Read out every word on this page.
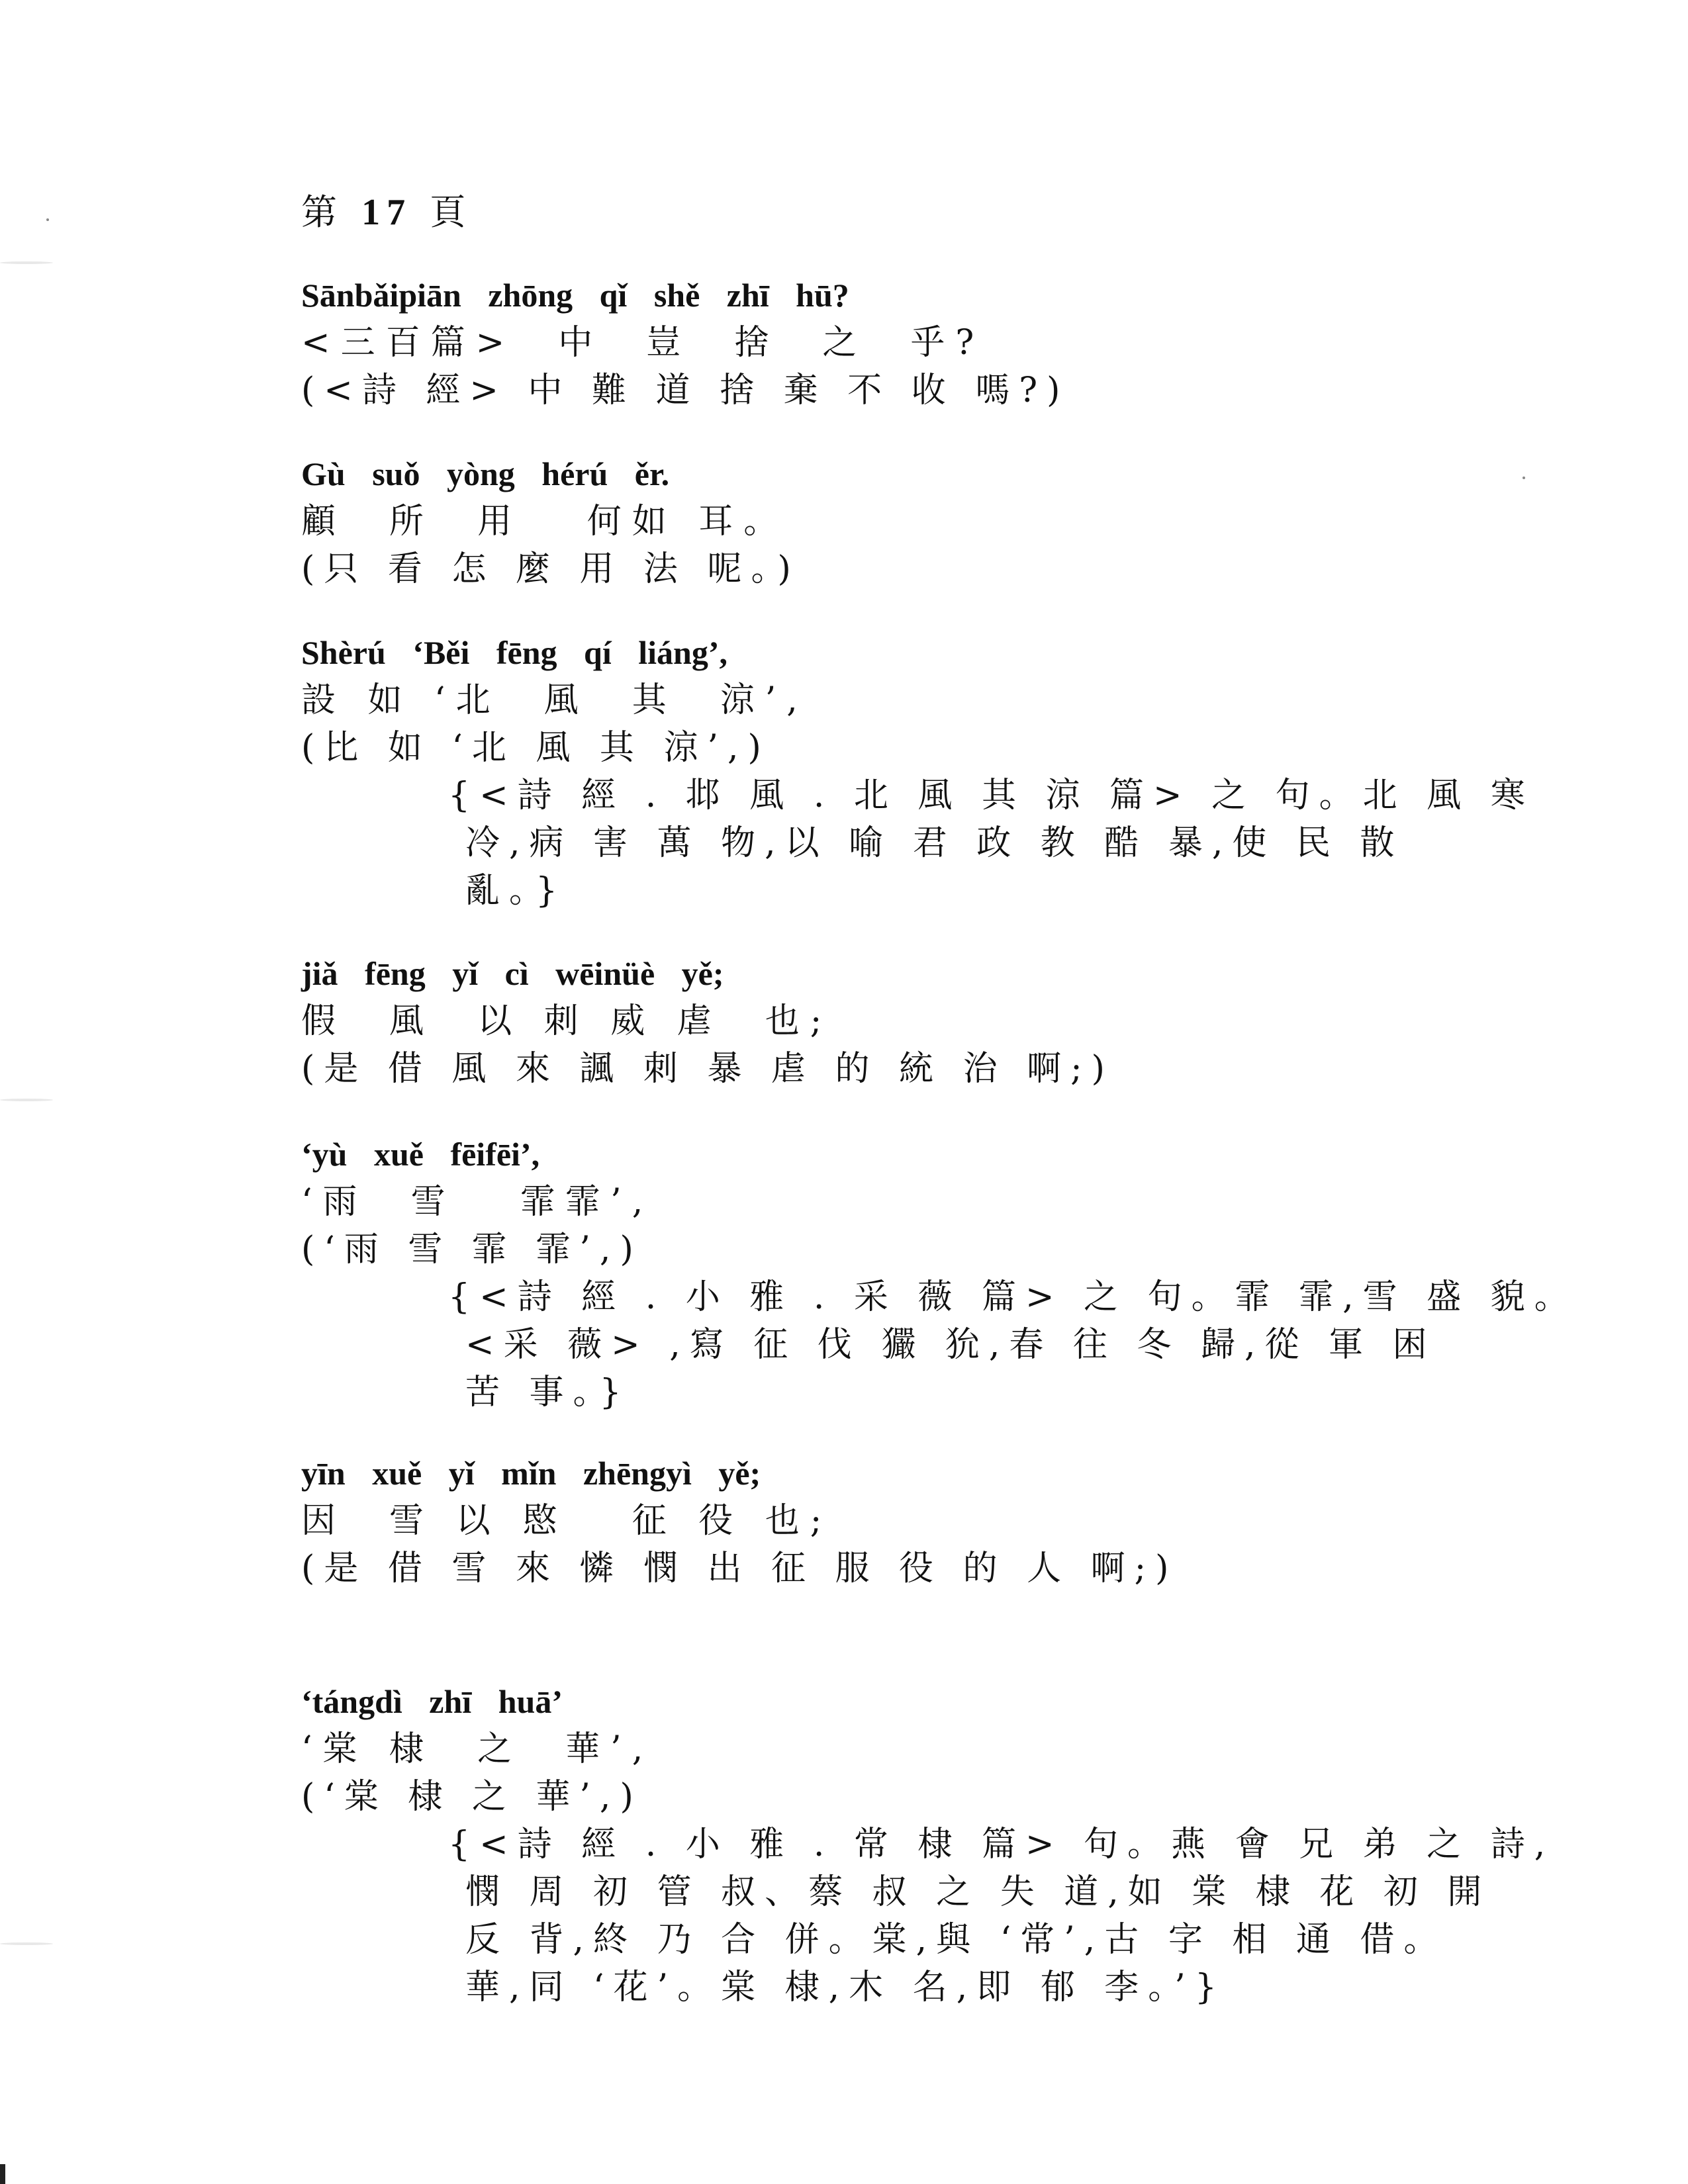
第 17 頁
Sānbǎipiān zhōng qǐ shě zhī hū?
<三百篇>  中  豈  捨  之  乎?
(<詩 經> 中 難 道 捨 棄 不 收 嗎?)
Gù suǒ yòng hérú ěr.
顧  所  用   何如 耳。
(只 看 怎 麼 用 法 呢。)
Shèrú ‘Běi fēng qí liáng’,
設 如 ‘北  風  其  涼’,
(比 如 ‘北 風 其 涼’,)
{<詩 經 . 邶 風 . 北 風 其 涼 篇> 之 句。北 風 寒
冷,病 害 萬 物,以 喻 君 政 教 酷 暴,使 民 散
亂。}
jiǎ fēng yǐ cì wēinüè yě;
假  風  以 刺 威 虐  也;
(是 借 風 來 諷 刺 暴 虐 的 統 治 啊;)
‘yù xuě fēifēi’,
‘雨  雪   霏霏’,
(‘雨 雪 霏 霏’,)
{<詩 經 . 小 雅 . 采 薇 篇> 之 句。霏 霏,雪 盛 貌。
<采 薇> ,寫 征 伐 玁 狁,春 往 冬 歸,從 軍 困
苦 事。}
yīn xuě yǐ mǐn zhēngyì yě;
因  雪 以 愍   征 役 也;
(是 借 雪 來 憐 憫 出 征 服 役 的 人 啊;)
‘tángdì zhī huā’
‘棠 棣  之  華’,
(‘棠 棣 之 華’,)
{<詩 經 . 小 雅 . 常 棣 篇> 句。燕 會 兄 弟 之 詩,
憫 周 初 管 叔、蔡 叔 之 失 道,如 棠 棣 花 初 開
反 背,終 乃 合 併。棠,與 ‘常’,古 字 相 通 借。
華,同 ‘花’。棠 棣,木 名,即 郁 李。’}
